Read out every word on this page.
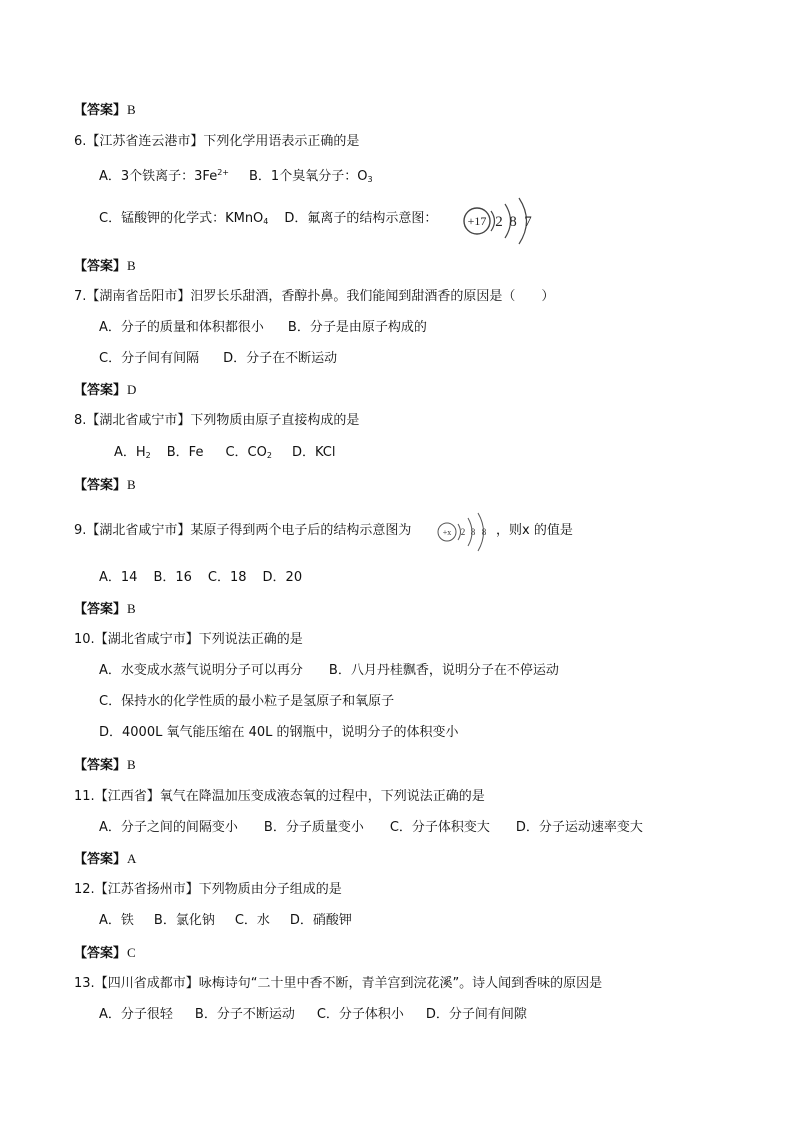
【答案】B
6.【江苏省连云港市】下列化学用语表示正确的是
A．3个铁离子：$3Fe^{2+}$ B．1个臭氧分子：$O_3$
C．锰酸钾的化学式：KMnO$_4$ D．氟离子的结构示意图：	+17 2 8 7
【答案】B
7.【湖南省岳阳市】汨罗长乐甜酒，香醇扑鼻。我们能闻到甜酒香的原因是（　　）
A．分子的质量和体积都很小 B．分子是由原子构成的
C．分子间有间隔 D．分子在不断运动
【答案】D
8.【湖北省咸宁市】下列物质由原子直接构成的是
A．$H_2$ B．Fe C．$CO_2$ D．KCl
【答案】B
9.【湖北省咸宁市】某原子得到两个电子后的结构示意图为	+x 2 8 8 ，则x 的值是
A．14 B．16 C．18 D．20
【答案】B
10.【湖北省咸宁市】下列说法正确的是
A．水变成水蒸气说明分子可以再分 B．八月丹桂飘香，说明分子在不停运动
C．保持水的化学性质的最小粒子是氢原子和氧原子
D．4000L 氧气能压缩在 40L 的钢瓶中，说明分子的体积变小
【答案】B
11.【江西省】氧气在降温加压变成液态氧的过程中，下列说法正确的是
A．分子之间的间隔变小 B．分子质量变小 C．分子体积变大 D．分子运动速率变大
【答案】A
12.【江苏省扬州市】下列物质由分子组成的是
A．铁 B．氯化钠 C．水 D．硝酸钾
【答案】C
13.【四川省成都市】咏梅诗句“二十里中香不断，青羊宫到浣花溪”。诗人闻到香味的原因是
A．分子很轻 B．分子不断运动 C．分子体积小 D．分子间有间隙
